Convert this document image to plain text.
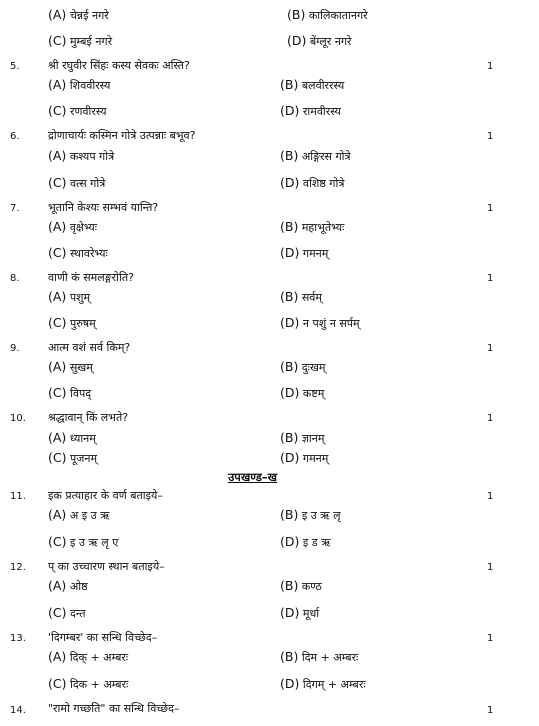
(A) चेन्नई नगरे	(B) कालिकातानगरे
(C) मुम्बई नगरे	(D) बेंग्लूर नगरे
5.	श्री रघुवीर सिंहः कस्य सेवकः अस्ति?	1
(A) शिववीरस्य	(B) बलवीररस्य
(C) रणवीरस्य	(D) रामवीरस्य
6.	द्रोणाचार्यः कस्मिन गोत्रे उत्पन्नाः बभूव?	1
(A) कश्यप गोत्रे	(B) अङ्गिरस गोत्रे
(C) वत्स गोत्रे	(D) वशिष्ठ गोत्रे
7.	भूतानि केश्यः सम्भवं यान्ति?	1
(A) वृक्षेभ्यः	(B) महाभूतेभ्यः
(C) स्थावरेभ्यः	(D) गमनम्
8.	वाणी कं समलङ्गरोति?	1
(A) पशुम्	(B) सर्वम्
(C) पुरुषम्	(D) न पशुं न सर्पम्
9.	आत्म वशं सर्व किम्?	1
(A) सुखम्	(B) दुःखम्
(C) विपद्	(D) कष्टम्
10. श्रद्धावान् किं लभते?	1
(A) ध्यानम्	(B) ज्ञानम्
(C) पूजनम्	(D) गमनम्
उपखण्ड–ख
11. इक प्रत्याहार के वर्ण बताइये–	1
(A) अ इ उ ऋ	(B) इ उ ऋ लृ
(C) इ उ ऋ लृ ए	(D) इ ड ऋ
12. प् का उच्चारण स्थान बताइये–	1
(A) ओष्ठ	(B) कण्ठ
(C) दन्त	(D) मूर्धा
13. 'दिगम्बर' का सन्धि विच्छेद–	1
(A) दिक् + अम्बरः	(B) दिम + अम्बरः
(C) दिक + अम्बरः	(D) दिगम् + अम्बरः
14. "रामो गच्छति" का सन्धि विच्छेद–	1
